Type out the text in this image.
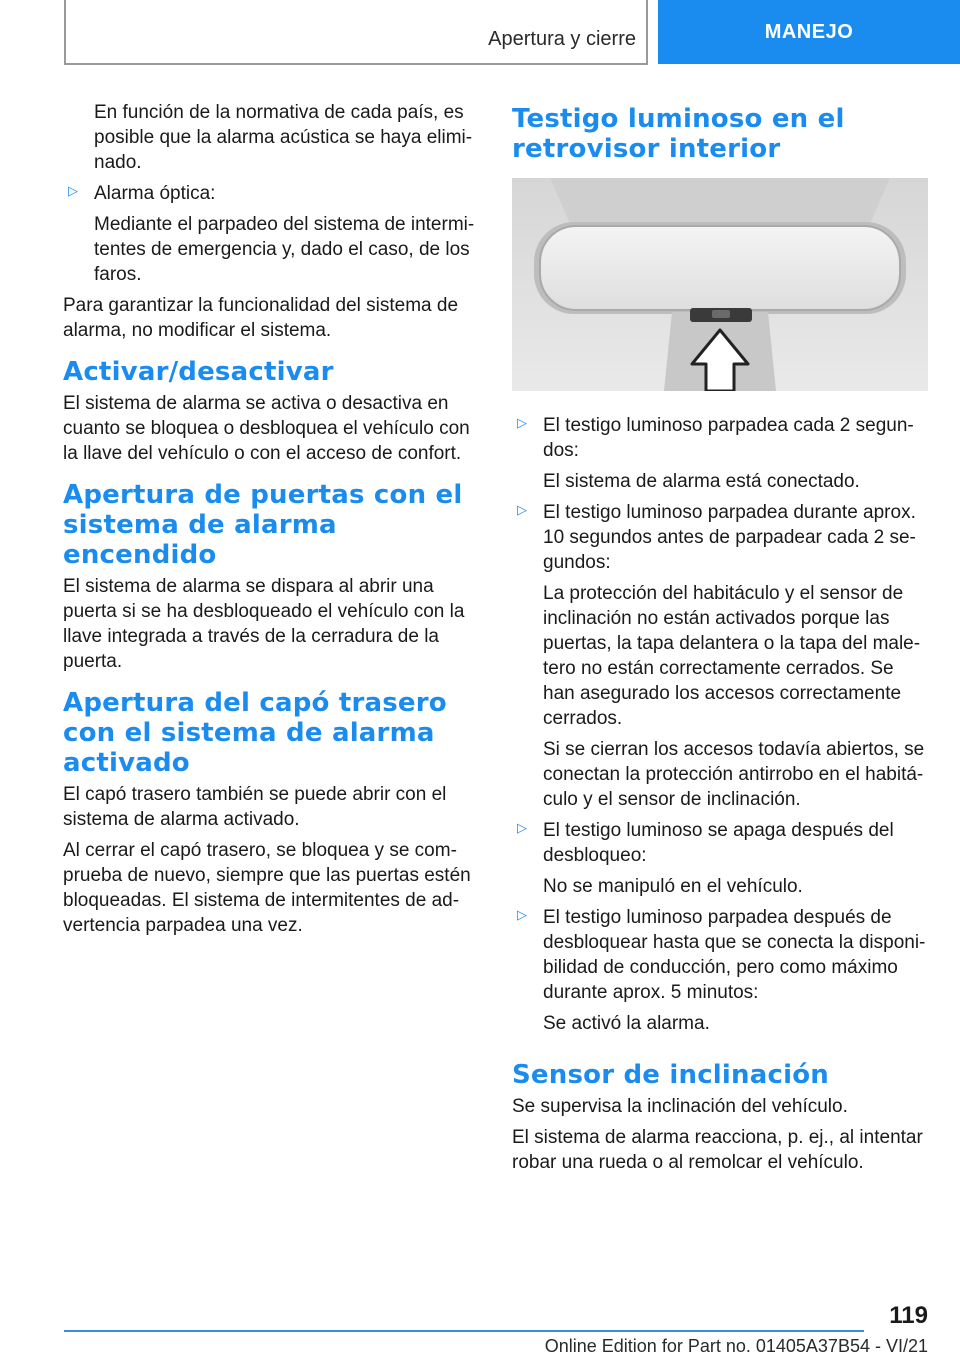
Apertura y cierre	MANEJO

En función de la normativa de cada país, es posible que la alarma acústica se haya elimi-nado.

▷ Alarma óptica:

Mediante el parpadeo del sistema de intermi-tentes de emergencia y, dado el caso, de los faros.

Para garantizar la funcionalidad del sistema de alarma, no modificar el sistema.

Activar/desactivar

El sistema de alarma se activa o desactiva en cuanto se bloquea o desbloquea el vehículo con la llave del vehículo o con el acceso de confort.

Apertura de puertas con el sistema de alarma encendido

El sistema de alarma se dispara al abrir una puerta si se ha desbloqueado el vehículo con la llave integrada a través de la cerradura de la puerta.

Apertura del capó trasero con el sistema de alarma activado

El capó trasero también se puede abrir con el sistema de alarma activado.

Al cerrar el capó trasero, se bloquea y se com-prueba de nuevo, siempre que las puertas estén bloqueadas. El sistema de intermitentes de ad-vertencia parpadea una vez.

Testigo luminoso en el retrovisor interior
▷ El testigo luminoso parpadea cada 2 segun-dos:

El sistema de alarma está conectado.

▷ El testigo luminoso parpadea durante aprox. 10 segundos antes de parpadear cada 2 se-gundos:

La protección del habitáculo y el sensor de inclinación no están activados porque las puertas, la tapa delantera o la tapa del male-tero no están correctamente cerrados. Se han asegurado los accesos correctamente cerrados.

Si se cierran los accesos todavía abiertos, se conectan la protección antirrobo en el habitá-culo y el sensor de inclinación.

▷ El testigo luminoso se apaga después del desbloqueo:

No se manipuló en el vehículo.

▷ El testigo luminoso parpadea después de desbloquear hasta que se conecta la disponi-bilidad de conducción, pero como máximo durante aprox. 5 minutos:

Se activó la alarma.

Sensor de inclinación

Se supervisa la inclinación del vehículo.

El sistema de alarma reacciona, p. ej., al intentar robar una rueda o al remolcar el vehículo.

119
Online Edition for Part no. 01405A37B54 - VI/21
